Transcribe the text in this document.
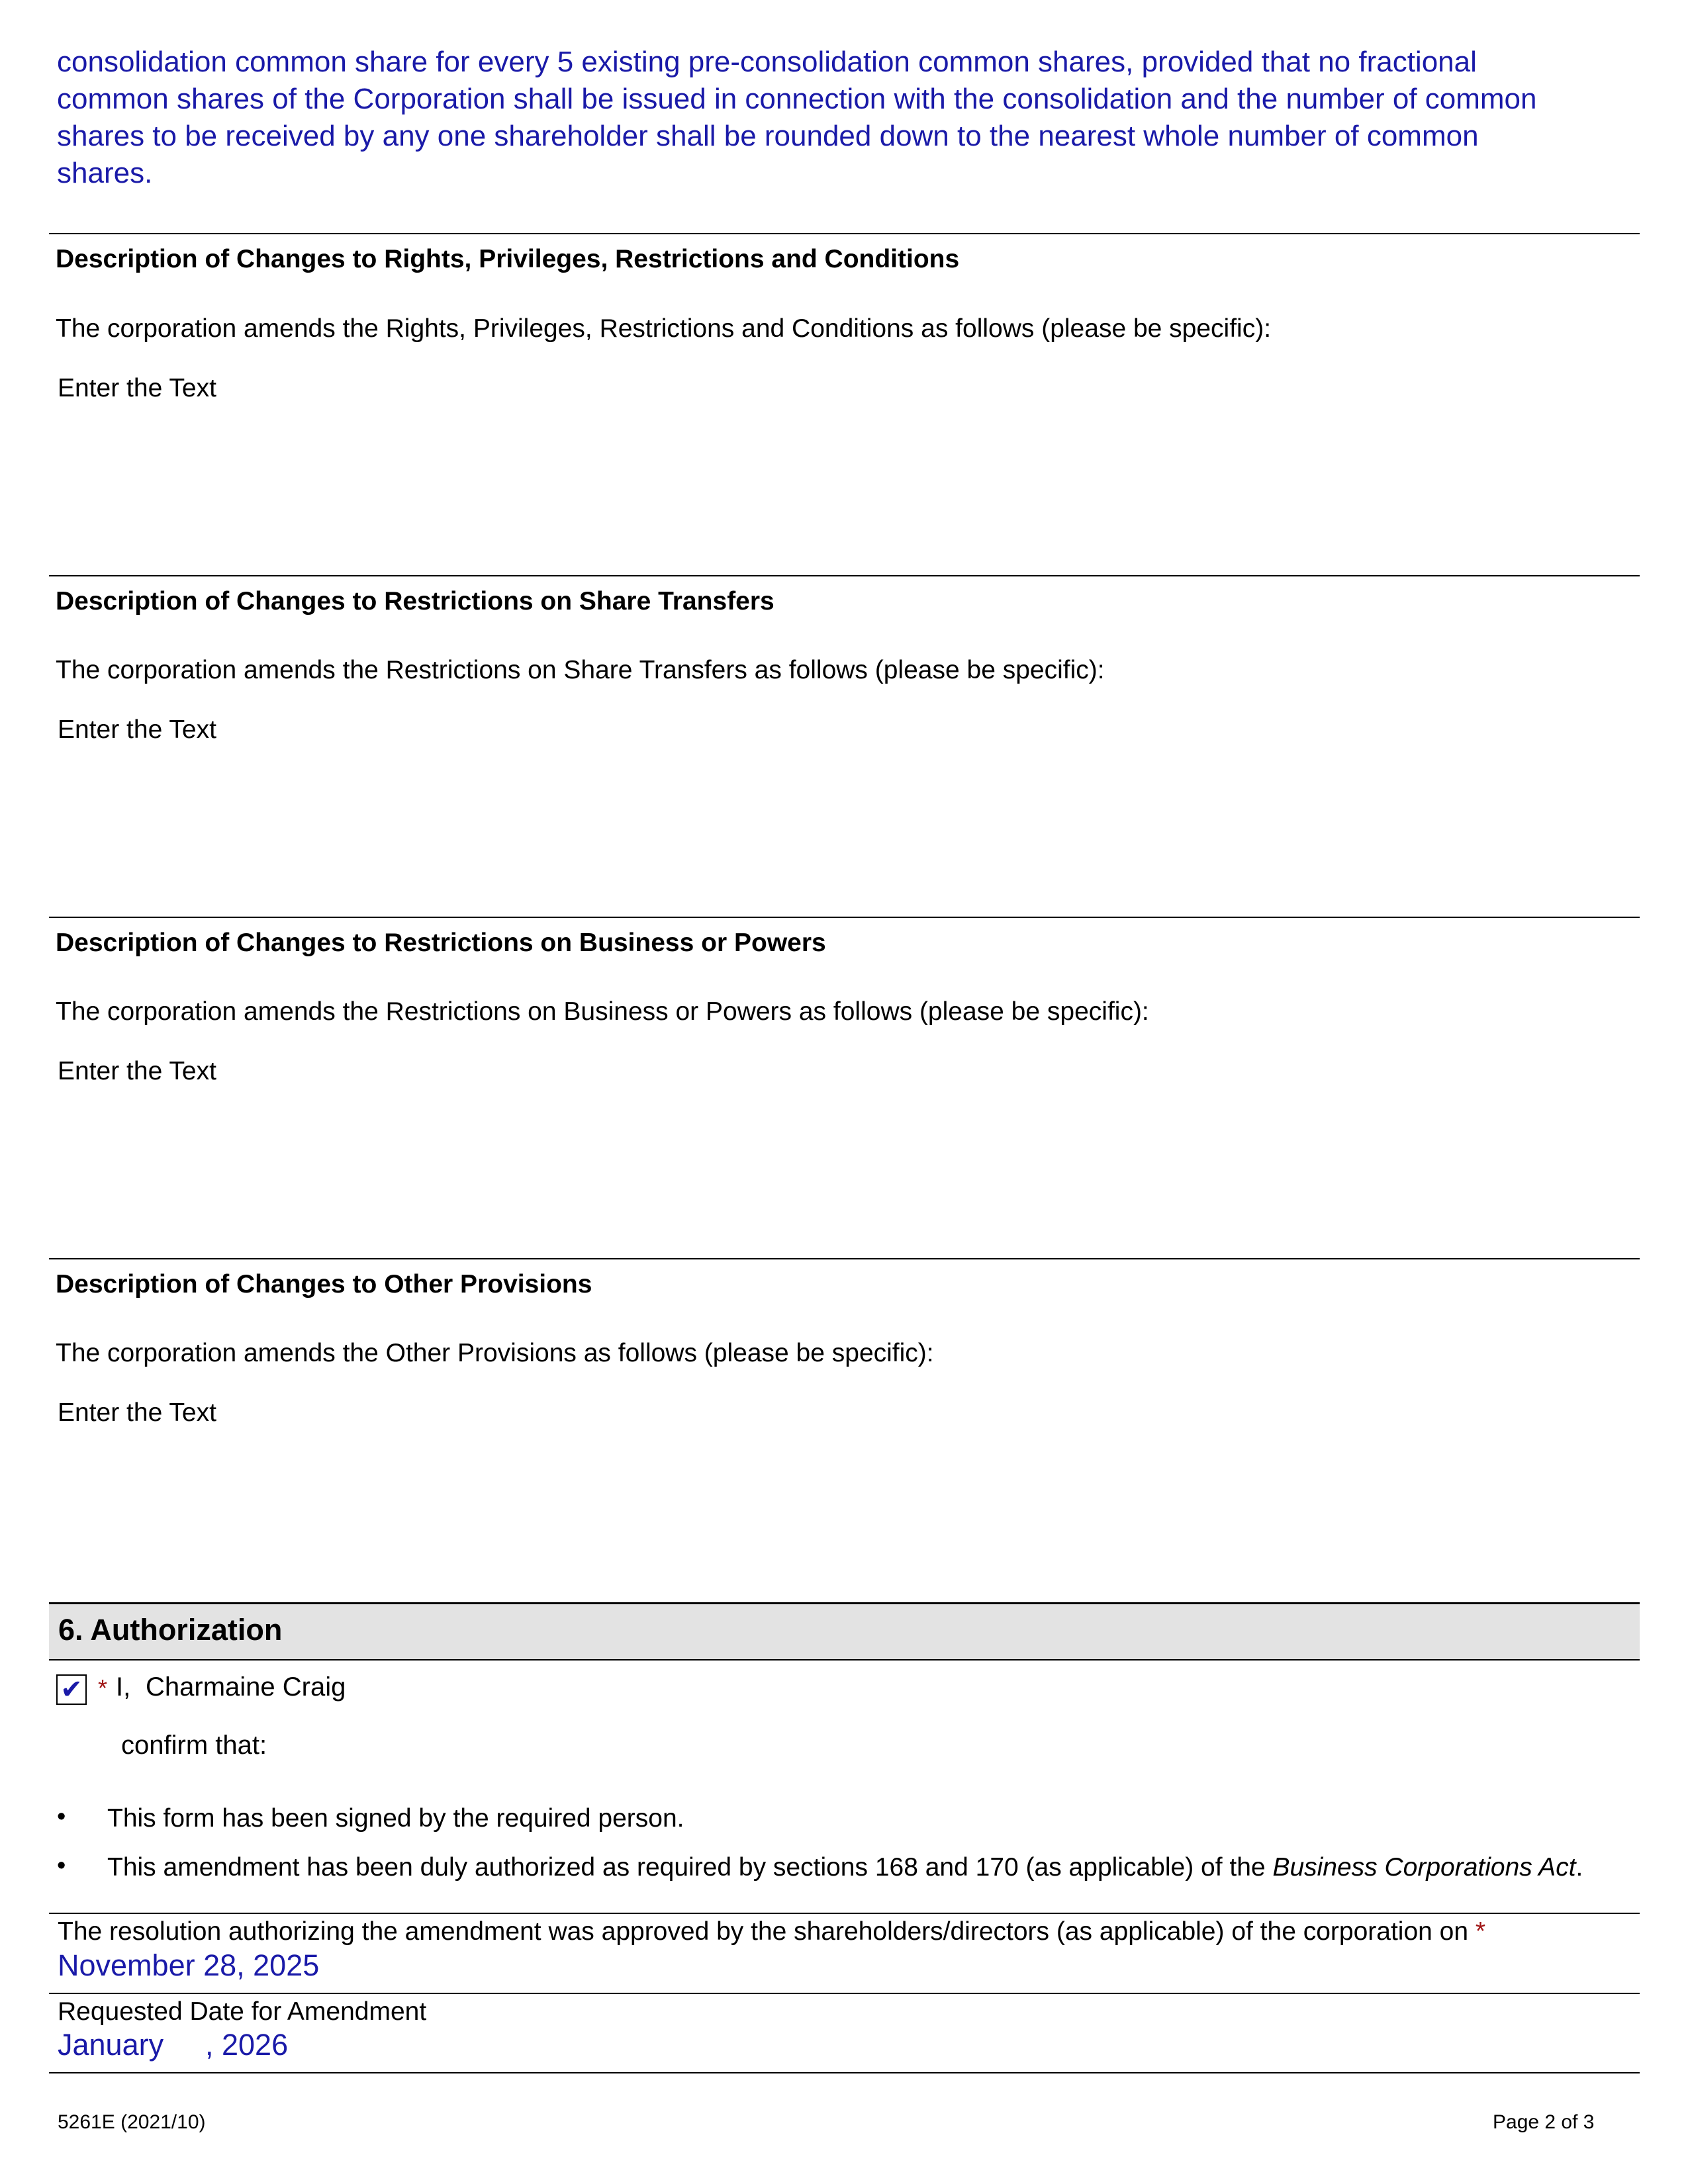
consolidation common share for every 5 existing pre-consolidation common shares, provided that no fractional
common shares of the Corporation shall be issued in connection with the consolidation and the number of common
shares to be received by any one shareholder shall be rounded down to the nearest whole number of common
shares.
Description of Changes to Rights, Privileges, Restrictions and Conditions
The corporation amends the Rights, Privileges, Restrictions and Conditions as follows (please be specific):
Enter the Text
Description of Changes to Restrictions on Share Transfers
The corporation amends the Restrictions on Share Transfers as follows (please be specific):
Enter the Text
Description of Changes to Restrictions on Business or Powers
The corporation amends the Restrictions on Business or Powers as follows (please be specific):
Enter the Text
Description of Changes to Other Provisions
The corporation amends the Other Provisions as follows (please be specific):
Enter the Text
6. Authorization
✔ * I, Charmaine Craig
confirm that:
• This form has been signed by the required person.
• This amendment has been duly authorized as required by sections 168 and 170 (as applicable) of the Business Corporations Act.
The resolution authorizing the amendment was approved by the shareholders/directors (as applicable) of the corporation on *
November 28, 2025
Requested Date for Amendment
January , 2026
5261E (2021/10)	Page 2 of 3
